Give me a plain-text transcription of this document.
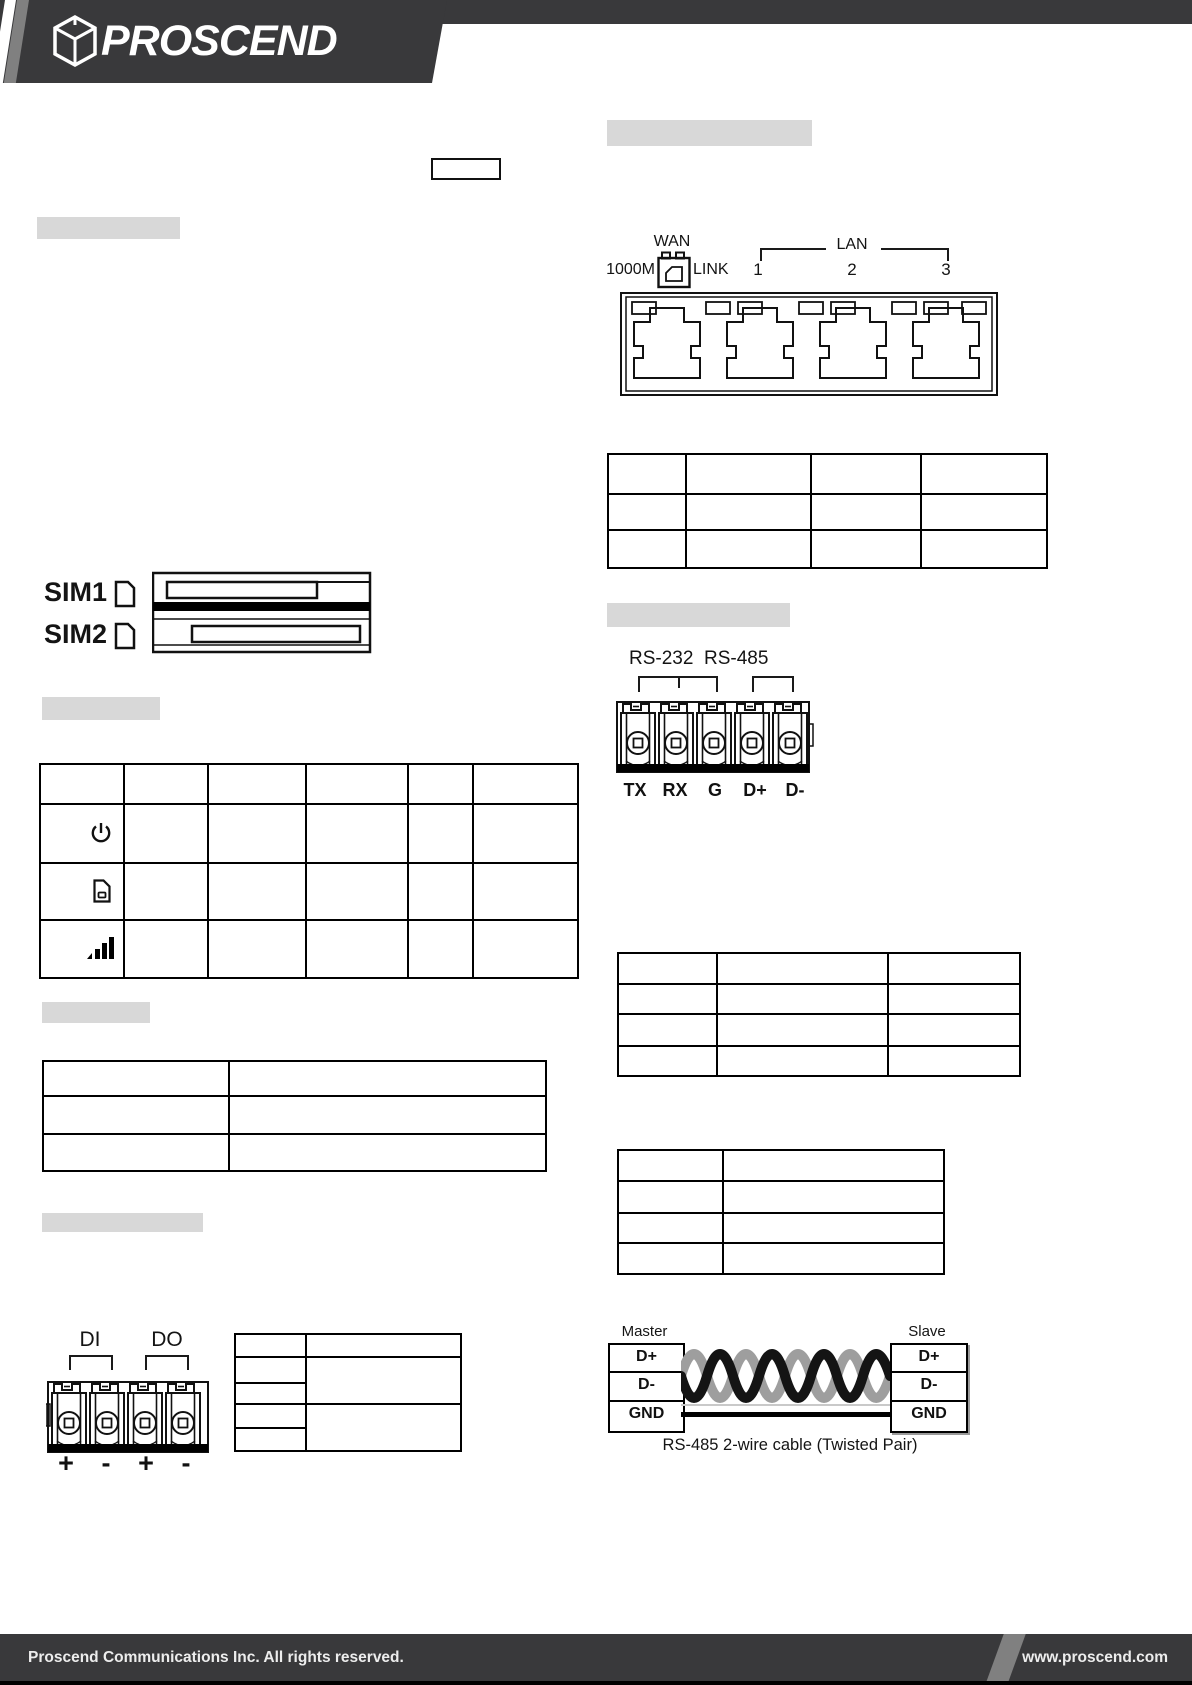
PROSCEND
SIM1
SIM2

DI	DO
+	-	+	-

WAN
1000M LINK
LAN
1	2	3

RS-232 RS-485
TX RX	G	D+	D-

Master	Slave
D+
D-
GND
D+
D-
GND
RS-485 2-wire cable (Twisted Pair)
Proscend Communications Inc. All rights reserved.	www.proscend.com
